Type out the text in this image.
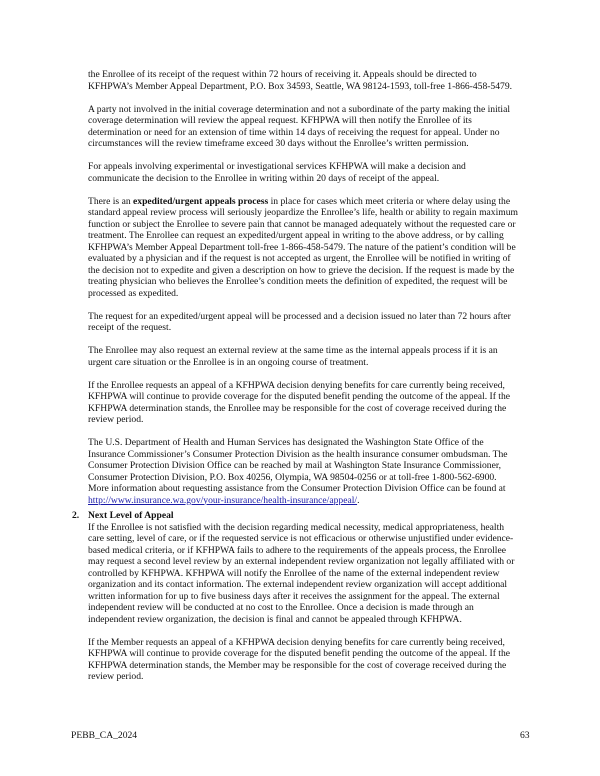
the Enrollee of its receipt of the request within 72 hours of receiving it. Appeals should be directed to
KFHPWA’s Member Appeal Department, P.O. Box 34593, Seattle, WA 98124-1593, toll-free 1-866-458-5479.
A party not involved in the initial coverage determination and not a subordinate of the party making the initial
coverage determination will review the appeal request. KFHPWA will then notify the Enrollee of its
determination or need for an extension of time within 14 days of receiving the request for appeal. Under no
circumstances will the review timeframe exceed 30 days without the Enrollee’s written permission.
For appeals involving experimental or investigational services KFHPWA will make a decision and
communicate the decision to the Enrollee in writing within 20 days of receipt of the appeal.
There is an expedited/urgent appeals process in place for cases which meet criteria or where delay using the
standard appeal review process will seriously jeopardize the Enrollee’s life, health or ability to regain maximum
function or subject the Enrollee to severe pain that cannot be managed adequately without the requested care or
treatment. The Enrollee can request an expedited/urgent appeal in writing to the above address, or by calling
KFHPWA’s Member Appeal Department toll-free 1-866-458-5479. The nature of the patient’s condition will be
evaluated by a physician and if the request is not accepted as urgent, the Enrollee will be notified in writing of
the decision not to expedite and given a description on how to grieve the decision. If the request is made by the
treating physician who believes the Enrollee’s condition meets the definition of expedited, the request will be
processed as expedited.
The request for an expedited/urgent appeal will be processed and a decision issued no later than 72 hours after
receipt of the request.
The Enrollee may also request an external review at the same time as the internal appeals process if it is an
urgent care situation or the Enrollee is in an ongoing course of treatment.
If the Enrollee requests an appeal of a KFHPWA decision denying benefits for care currently being received,
KFHPWA will continue to provide coverage for the disputed benefit pending the outcome of the appeal. If the
KFHPWA determination stands, the Enrollee may be responsible for the cost of coverage received during the
review period.
The U.S. Department of Health and Human Services has designated the Washington State Office of the
Insurance Commissioner’s Consumer Protection Division as the health insurance consumer ombudsman. The
Consumer Protection Division Office can be reached by mail at Washington State Insurance Commissioner,
Consumer Protection Division, P.O. Box 40256, Olympia, WA 98504-0256 or at toll-free 1-800-562-6900.
More information about requesting assistance from the Consumer Protection Division Office can be found at
http://www.insurance.wa.gov/your-insurance/health-insurance/appeal/.
2. Next Level of Appeal
If the Enrollee is not satisfied with the decision regarding medical necessity, medical appropriateness, health
care setting, level of care, or if the requested service is not efficacious or otherwise unjustified under evidence-
based medical criteria, or if KFHPWA fails to adhere to the requirements of the appeals process, the Enrollee
may request a second level review by an external independent review organization not legally affiliated with or
controlled by KFHPWA. KFHPWA will notify the Enrollee of the name of the external independent review
organization and its contact information. The external independent review organization will accept additional
written information for up to five business days after it receives the assignment for the appeal. The external
independent review will be conducted at no cost to the Enrollee. Once a decision is made through an
independent review organization, the decision is final and cannot be appealed through KFHPWA.
If the Member requests an appeal of a KFHPWA decision denying benefits for care currently being received,
KFHPWA will continue to provide coverage for the disputed benefit pending the outcome of the appeal. If the
KFHPWA determination stands, the Member may be responsible for the cost of coverage received during the
review period.
PEBB_CA_2024	63
